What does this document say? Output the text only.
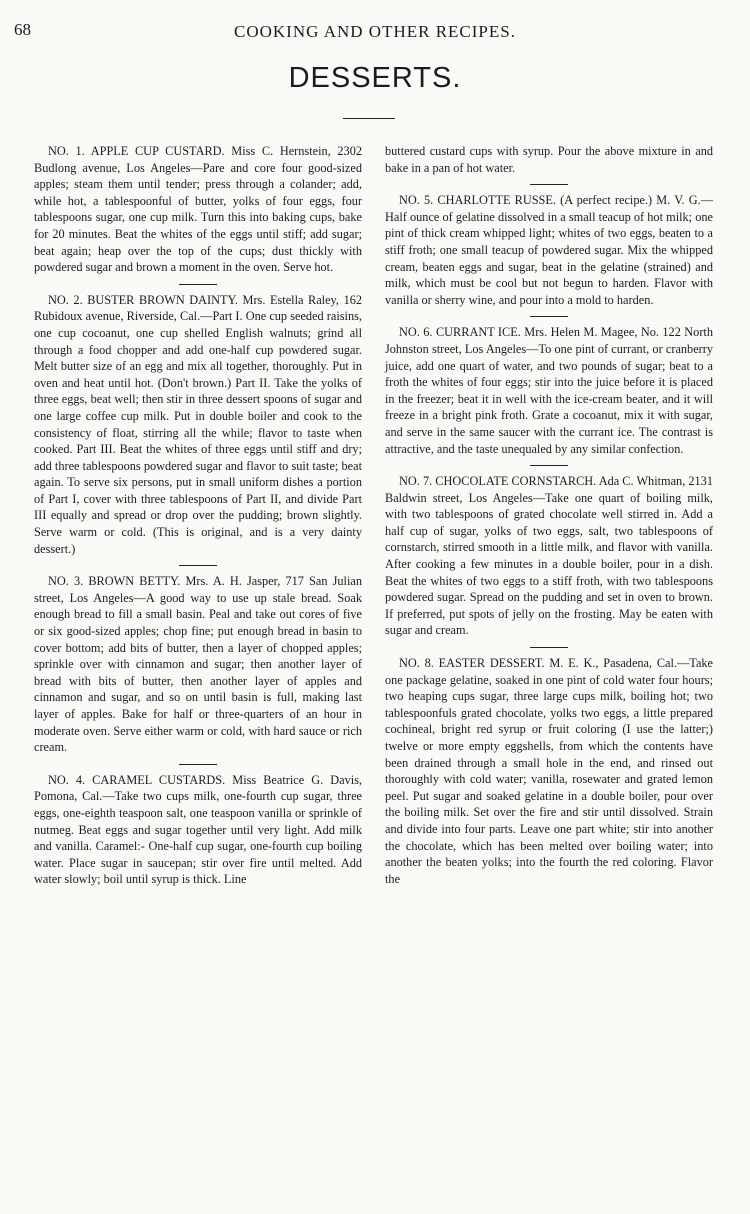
68	COOKING AND OTHER RECIPES.
DESSERTS.

NO. 1. APPLE CUP CUSTARD. Miss C. Hernstein, 2302 Budlong avenue, Los Angeles—Pare and core four good-sized apples; steam them until tender; press through a colander; add, while hot, a tablespoonful of butter, yolks of four eggs, four tablespoons sugar, one cup milk. Turn this into baking cups, bake for 20 minutes. Beat the whites of the eggs until stiff; add sugar; beat again; heap over the top of the cups; dust thickly with powdered sugar and brown a moment in the oven. Serve hot.

NO. 2. BUSTER BROWN DAINTY. Mrs. Estella Raley, 162 Rubidoux avenue, Riverside, Cal.—Part I. One cup seeded raisins, one cup cocoanut, one cup shelled English walnuts; grind all through a food chopper and add one-half cup powdered sugar. Melt butter size of an egg and mix all together, thoroughly. Put in oven and heat until hot. (Don't brown.) Part II. Take the yolks of three eggs, beat well; then stir in three dessert spoons of sugar and one large coffee cup milk. Put in double boiler and cook to the consistency of float, stirring all the while; flavor to taste when cooked. Part III. Beat the whites of three eggs until stiff and dry; add three tablespoons powdered sugar and flavor to suit taste; beat again. To serve six persons, put in small uniform dishes a portion of Part I, cover with three tablespoons of Part II, and divide Part III equally and spread or drop over the pudding; brown slightly. Serve warm or cold. (This is original, and is a very dainty dessert.)

NO. 3. BROWN BETTY. Mrs. A. H. Jasper, 717 San Julian street, Los Angeles—A good way to use up stale bread. Soak enough bread to fill a small basin. Peal and take out cores of five or six good-sized apples; chop fine; put enough bread in basin to cover bottom; add bits of butter, then a layer of chopped apples; sprinkle over with cinnamon and sugar; then another layer of bread with bits of butter, then another layer of apples and cinnamon and sugar, and so on until basin is full, making last layer of apples. Bake for half or three-quarters of an hour in moderate oven. Serve either warm or cold, with hard sauce or rich cream.

NO. 4. CARAMEL CUSTARDS. Miss Beatrice G. Davis, Pomona, Cal.—Take two cups milk, one-fourth cup sugar, three eggs, one-eighth teaspoon salt, one teaspoon vanilla or sprinkle of nutmeg. Beat eggs and sugar together until very light. Add milk and vanilla. Caramel:- One-half cup sugar, one-fourth cup boiling water. Place sugar in saucepan; stir over fire until melted. Add water slowly; boil until syrup is thick. Line

buttered custard cups with syrup. Pour the above mixture in and bake in a pan of hot water.

NO. 5. CHARLOTTE RUSSE. (A perfect recipe.) M. V. G.—Half ounce of gelatine dissolved in a small teacup of hot milk; one pint of thick cream whipped light; whites of two eggs, beaten to a stiff froth; one small teacup of powdered sugar. Mix the whipped cream, beaten eggs and sugar, beat in the gelatine (strained) and milk, which must be cool but not begun to harden. Flavor with vanilla or sherry wine, and pour into a mold to harden.

NO. 6. CURRANT ICE. Mrs. Helen M. Magee, No. 122 North Johnston street, Los Angeles—To one pint of currant, or cranberry juice, add one quart of water, and two pounds of sugar; beat to a froth the whites of four eggs; stir into the juice before it is placed in the freezer; beat it in well with the ice-cream beater, and it will freeze in a bright pink froth. Grate a cocoanut, mix it with sugar, and serve in the same saucer with the currant ice. The contrast is attractive, and the taste unequaled by any similar confection.

NO. 7. CHOCOLATE CORNSTARCH. Ada C. Whitman, 2131 Baldwin street, Los Angeles—Take one quart of boiling milk, with two tablespoons of grated chocolate well stirred in. Add a half cup of sugar, yolks of two eggs, salt, two tablespoons of cornstarch, stirred smooth in a little milk, and flavor with vanilla. After cooking a few minutes in a double boiler, pour in a dish. Beat the whites of two eggs to a stiff froth, with two tablespoons powdered sugar. Spread on the pudding and set in oven to brown. If preferred, put spots of jelly on the frosting. May be eaten with sugar and cream.

NO. 8. EASTER DESSERT. M. E. K., Pasadena, Cal.—Take one package gelatine, soaked in one pint of cold water four hours; two heaping cups sugar, three large cups milk, boiling hot; two tablespoonfuls grated chocolate, yolks two eggs, a little prepared cochineal, bright red syrup or fruit coloring (I use the latter;) twelve or more empty eggshells, from which the contents have been drained through a small hole in the end, and rinsed out thoroughly with cold water; vanilla, rosewater and grated lemon peel. Put sugar and soaked gelatine in a double boiler, pour over the boiling milk. Set over the fire and stir until dissolved. Strain and divide into four parts. Leave one part white; stir into another the chocolate, which has been melted over boiling water; into another the beaten yolks; into the fourth the red coloring. Flavor the
